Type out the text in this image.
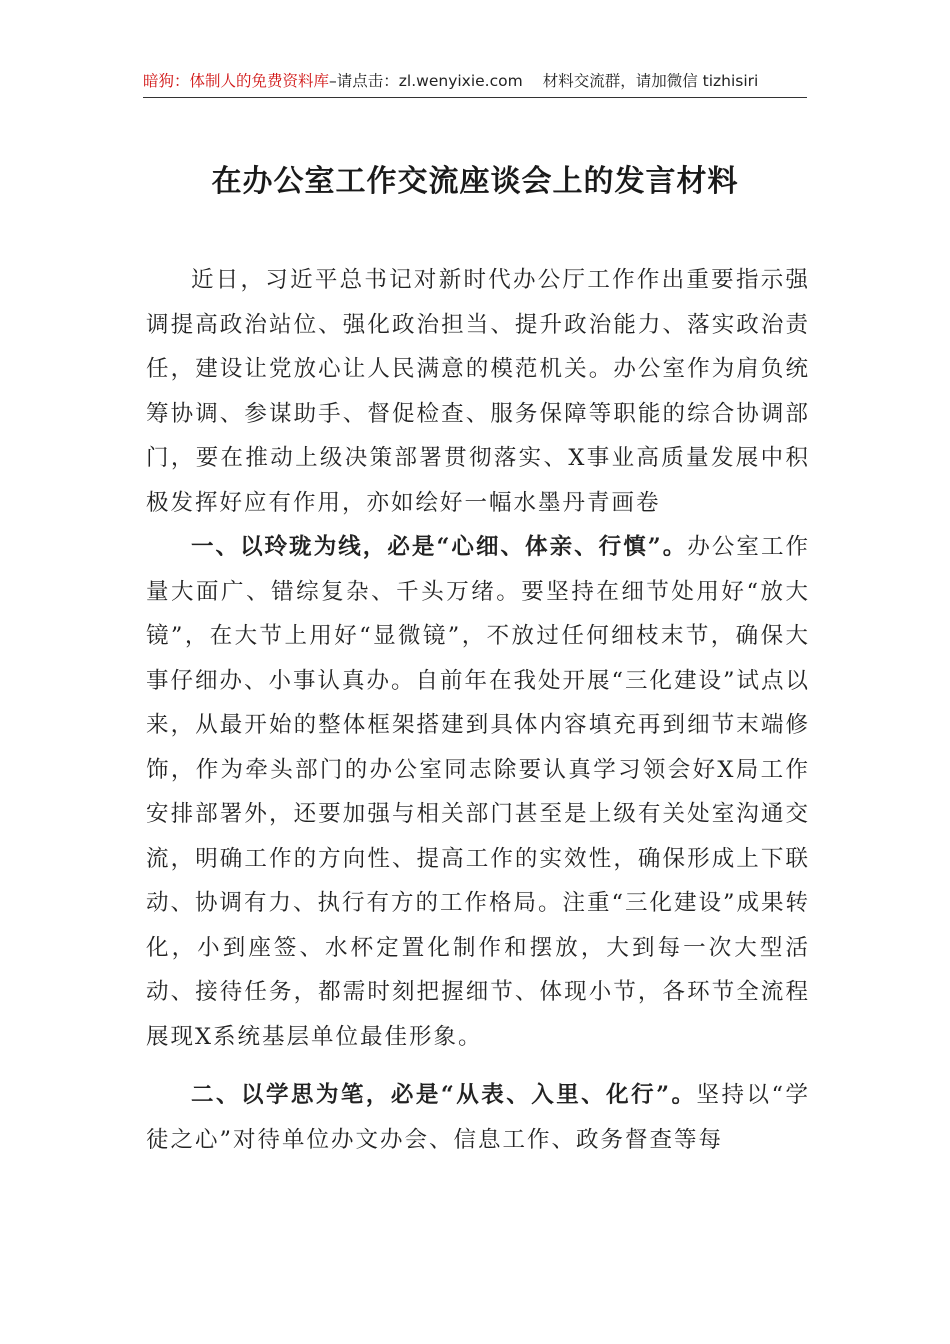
暗狗：体制人的免费资料库–请点击：zl.wenyixie.com 材料交流群，请加微信 tizhisiri
在办公室工作交流座谈会上的发言材料

近日，习近平总书记对新时代办公厅工作作出重要指示强调提高政治站位、强化政治担当、提升政治能力、落实政治责任，建设让党放心让人民满意的模范机关。办公室作为肩负统筹协调、参谋助手、督促检查、服务保障等职能的综合协调部门，要在推动上级决策部署贯彻落实、X事业高质量发展中积极发挥好应有作用，亦如绘好一幅水墨丹青画卷

一、以玲珑为线，必是“心细、体亲、行慎”。办公室工作量大面广、错综复杂、千头万绪。要坚持在细节处用好“放大镜”，在大节上用好“显微镜”，不放过任何细枝末节，确保大事仔细办、小事认真办。自前年在我处开展“三化建设”试点以来，从最开始的整体框架搭建到具体内容填充再到细节末端修饰，作为牵头部门的办公室同志除要认真学习领会好X局工作安排部署外，还要加强与相关部门甚至是上级有关处室沟通交流，明确工作的方向性、提高工作的实效性，确保形成上下联动、协调有力、执行有方的工作格局。注重“三化建设”成果转化，小到座签、水杯定置化制作和摆放，大到每一次大型活动、接待任务，都需时刻把握细节、体现小节，各环节全流程展现X系统基层单位最佳形象。

二、以学思为笔，必是“从表、入里、化行”。坚持以“学徒之心”对待单位办文办会、信息工作、政务督查等每
